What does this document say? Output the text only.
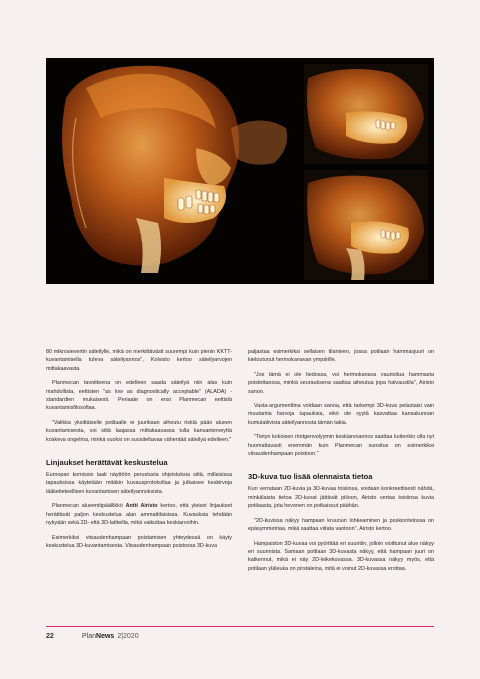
80 mikrosievertin säteilylle, mikä on merkittävästi suurempi kuin pienin KKTT-kuvantamisella tuleva säteilyannos", Koivisto kertoo säteilyarvojen mittakaavasta.

Planmecan tavoitteena on edelleen saada säteilyä niin alas kuin mahdollista, eettisten "as low as diagnostically acceptable" (ALADA) - standardien mukaisesti. Periaate on ensi Planmecan eettistä kuvantamisfilosofiaa.

"Valikka yksittäiselle potilaalle ei juurikaan aiheutu riskiä pään alueen kuvantamisesta, voi siitä laajassa mittakaavassa tulla kansanterveyttä koskeva ongelma, minkä vuoksi on suositeltavaa vähentää säteilyä edelleen."

Linjaukset herättävät keskustelua

Euroopan komissio laati näyttöön perustuvia ohjeistuksia siitä, millaisissa tapauksissa käytetään mitäkin kuvausprotokollaa ja julkaisee keskirvoja lääketieteellisen kuvantamisen säteilyannoksista.

Planmecan alueentiipäällikkö Antti Airisto kertoo, että yleiset linjaukset herättävät paljon keskustelua alan ammattilaisissa. Kuvauksia tehdään nykyään sekä 2D- että 3D-laitteilla, mikä vaikuttaa keskiarvoihin.

Esimerkiksi viisaudenhampaan poistamisen yhteydessä on käyty keskustelua 3D-kuvantamisesta. Viisaudenhampaan poistossa 3D-kuva

paljastaa esimerkiksi sellaisen tilanteen, jossa potilaan hammasjuuri on kietoutunut hermokanavan ympärille.

"Jos tämä ei ole tiedossa, voi hermokanava vaurioitua hammasta poistettaessa, minkä seurauksena saattaa aiheutua jopa halvaustila", Airisto sanoo.

Vasta-argumenttina voidaan sanoa, että tarkempi 3D-kuva pelastaisi vain muutamia harvoja tapauksia, eikö ole syytä kasvattaa kansakunnan kumulatiivista säteilyannosta tämän takia.

"Tietyn kokoisen röntgenvolyymin keskiarvoannos saattaa kuitenkin olla nyt huomattavasti enemmän kuin Planmecan suositus on esimerkiksi viisaudenhampaan poistoon."

3D-kuva tuo lisää olennaista tietoa

Kun verrataan 2D-kuvia ja 3D-kuvaa toisiinsa, voidaan konkreettisesti nähdä, minkälaista tietoa 2D-kuvat jättävät piiloon, Airisto vertaa toisiinsa kuvia potilaasta, jota hevonen on potkaissut päähän.

"2D-kuvissa näkyy hampaan kruunun lohkeaminen ja poskiontelossa on epäsymmetriaa, mikä saattaa viitata vaotoon", Airisto kertoo.

Hampaiston 3D-kuvaa voi pyörittää eri suuntiin, jolloin vioittunut alue näkyy eri suunnista. Samaan potilaan 3D-kuvasta näkyy, että hampaan juuri on katkennut, mikä ei näy 2D-leikekuvassa. 3D-kuvassa näkyy myös, että potilaan yläleuka on pirstaleina, mitä ei voinut 2D-kuvassa erottaa.

22	Plan News 2|2020
